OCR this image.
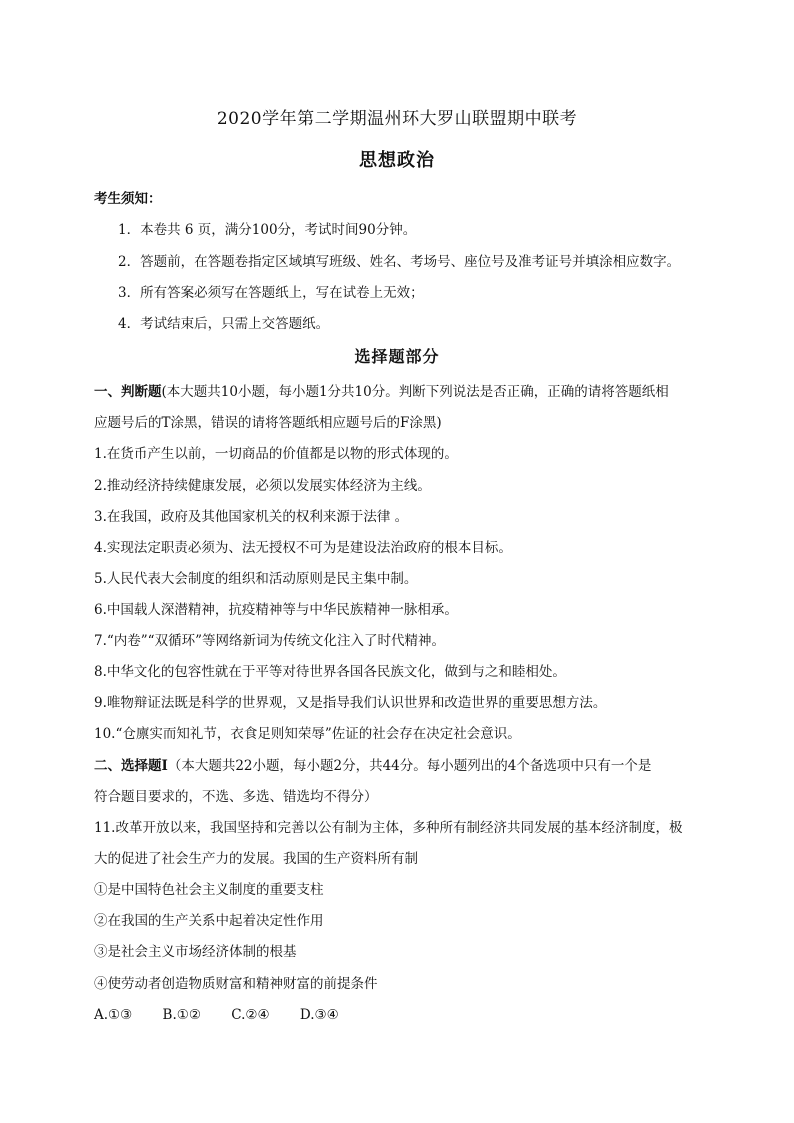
2020学年第二学期温州环大罗山联盟期中联考
思想政治
考生须知：
1．本卷共 6 页，满分100分，考试时间90分钟。
2．答题前，在答题卷指定区域填写班级、姓名、考场号、座位号及准考证号并填涂相应数字。
3．所有答案必须写在答题纸上，写在试卷上无效；
4．考试结束后，只需上交答题纸。
选择题部分
一、判断题(本大题共10小题，每小题1分共10分。判断下列说法是否正确，正确的请将答题纸相
应题号后的T涂黑，错误的请将答题纸相应题号后的F涂黑)
1.在货币产生以前，一切商品的价值都是以物的形式体现的。
2.推动经济持续健康发展，必须以发展实体经济为主线。
3.在我国，政府及其他国家机关的权利来源于法律 。
4.实现法定职责必须为、法无授权不可为是建设法治政府的根本目标。
5.人民代表大会制度的组织和活动原则是民主集中制。
6.中国载人深潜精神，抗疫精神等与中华民族精神一脉相承。
7.“内卷”“双循环”等网络新词为传统文化注入了时代精神。
8.中华文化的包容性就在于平等对待世界各国各民族文化，做到与之和睦相处。
9.唯物辩证法既是科学的世界观，又是指导我们认识世界和改造世界的重要思想方法。
10.“仓廪实而知礼节，衣食足则知荣辱”佐证的社会存在决定社会意识。
二、选择题Ⅰ（本大题共22小题，每小题2分，共44分。每小题列出的4个备选项中只有一个是
符合题目要求的，不选、多选、错选均不得分）
11.改革开放以来，我国坚持和完善以公有制为主体，多种所有制经济共同发展的基本经济制度，极
大的促进了社会生产力的发展。我国的生产资料所有制
①是中国特色社会主义制度的重要支柱
②在我国的生产关系中起着决定性作用
③是社会主义市场经济体制的根基
④使劳动者创造物质财富和精神财富的前提条件
A.①③ B.①② C.②④ D.③④
